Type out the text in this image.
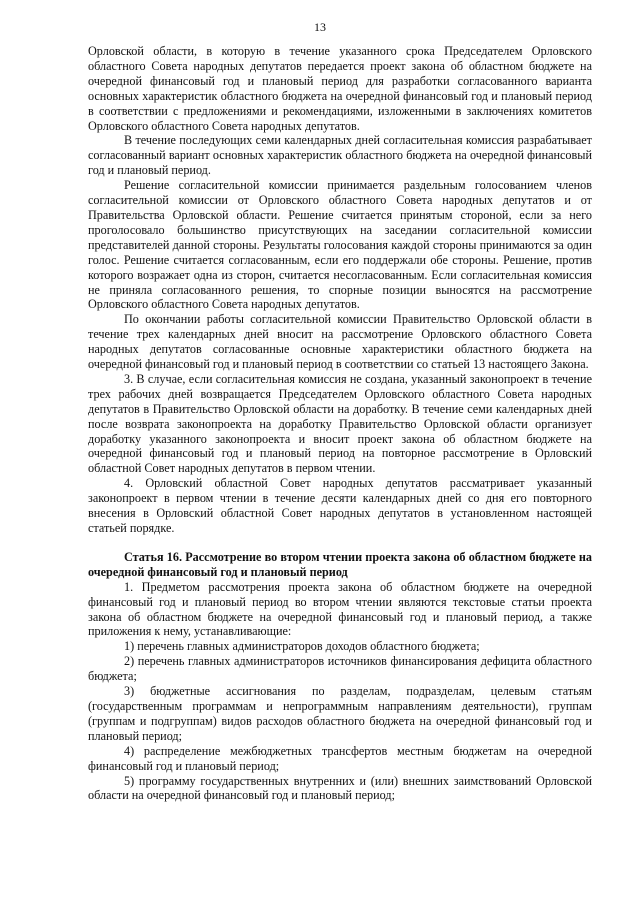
13

Орловской области, в которую в течение указанного срока Председателем Орловского областного Совета народных депутатов передается проект закона об областном бюджете на очередной финансовый год и плановый период для разработки согласованного варианта основных характеристик областного бюджета на очередной финансовый год и плановый период в соответствии с предложениями и рекомендациями, изложенными в заключениях комитетов Орловского областного Совета народных депутатов.

В течение последующих семи календарных дней согласительная комиссия разрабатывает согласованный вариант основных характеристик областного бюджета на очередной финансовый год и плановый период.

Решение согласительной комиссии принимается раздельным голосованием членов согласительной комиссии от Орловского областного Совета народных депутатов и от Правительства Орловской области. Решение считается принятым стороной, если за него проголосовало большинство присутствующих на заседании согласительной комиссии представителей данной стороны. Результаты голосования каждой стороны принимаются за один голос. Решение считается согласованным, если его поддержали обе стороны. Решение, против которого возражает одна из сторон, считается несогласованным. Если согласительная комиссия не приняла согласованного решения, то спорные позиции выносятся на рассмотрение Орловского областного Совета народных депутатов.

По окончании работы согласительной комиссии Правительство Орловской области в течение трех календарных дней вносит на рассмотрение Орловского областного Совета народных депутатов согласованные основные характеристики областного бюджета на очередной финансовый год и плановый период в соответствии со статьей 13 настоящего Закона.

3. В случае, если согласительная комиссия не создана, указанный законопроект в течение трех рабочих дней возвращается Председателем Орловского областного Совета народных депутатов в Правительство Орловской области на доработку. В течение семи календарных дней после возврата законопроекта на доработку Правительство Орловской области организует доработку указанного законопроекта и вносит проект закона об областном бюджете на очередной финансовый год и плановый период на повторное рассмотрение в Орловский областной Совет народных депутатов в первом чтении.

4. Орловский областной Совет народных депутатов рассматривает указанный законопроект в первом чтении в течение десяти календарных дней со дня его повторного внесения в Орловский областной Совет народных депутатов в установленном настоящей статьей порядке.

Статья 16. Рассмотрение во втором чтении проекта закона об областном бюджете на очередной финансовый год и плановый период

1. Предметом рассмотрения проекта закона об областном бюджете на очередной финансовый год и плановый период во втором чтении являются текстовые статьи проекта закона об областном бюджете на очередной финансовый год и плановый период, а также приложения к нему, устанавливающие:

1) перечень главных администраторов доходов областного бюджета;

2) перечень главных администраторов источников финансирования дефицита областного бюджета;

3) бюджетные ассигнования по разделам, подразделам, целевым статьям (государственным программам и непрограммным направлениям деятельности), группам (группам и подгруппам) видов расходов областного бюджета на очередной финансовый год и плановый период;

4) распределение межбюджетных трансфертов местным бюджетам на очередной финансовый год и плановый период;

5) программу государственных внутренних и (или) внешних заимствований Орловской области на очередной финансовый год и плановый период;
